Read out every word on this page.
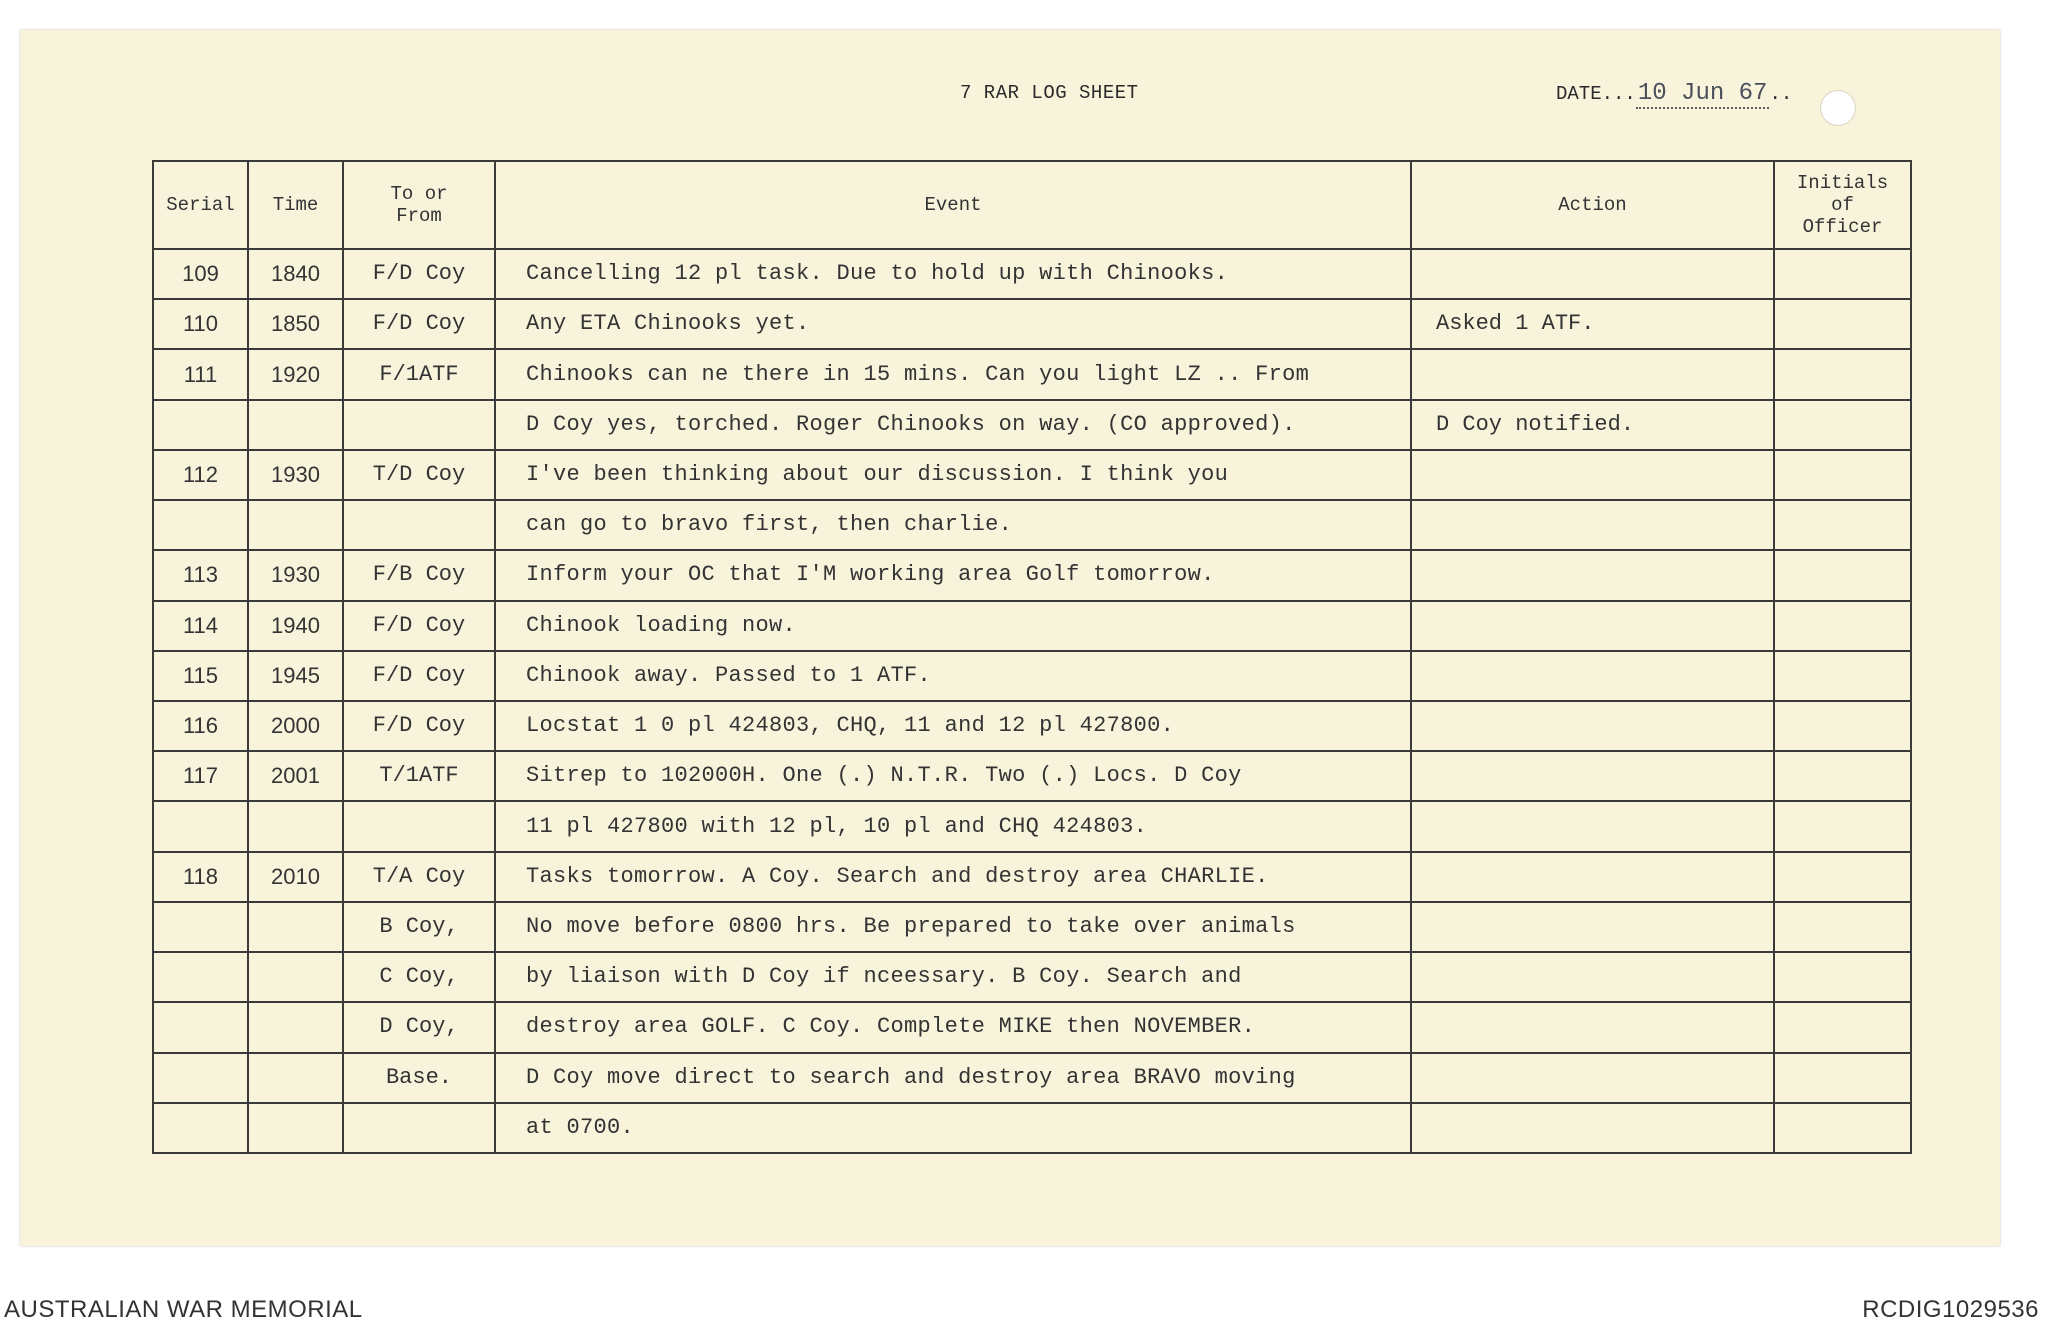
7 RAR LOG SHEET	DATE...10 Jun 67 ..
Serial	Time	To or From	Event	Action	Initials of Officer
109	1840	F/D Coy	Cancelling 12 pl task. Due to hold up with Chinooks.		
110	1850	F/D Coy	Any ETA Chinooks yet.	Asked 1 ATF.	
111	1920	F/1ATF	Chinooks can ne there in 15 mins. Can you light LZ .. From		
			D Coy yes, torched. Roger Chinooks on way. (CO approved).	D Coy notified.	
112	1930	T/D Coy	I've been thinking about our discussion. I think you		
			can go to bravo first, then charlie.		
113	1930	F/B Coy	Inform your OC that I'M working area Golf tomorrow.		
114	1940	F/D Coy	Chinook loading now.		
115	1945	F/D Coy	Chinook away. Passed to 1 ATF.		
116	2000	F/D Coy	Locstat 1 0 pl 424803, CHQ, 11 and 12 pl 427800.		
117	2001	T/1ATF	Sitrep to 102000H. One (.) N.T.R. Two (.) Locs. D Coy		
			11 pl 427800 with 12 pl, 10 pl and CHQ 424803.		
118	2010	T/A Coy	Tasks tomorrow. A Coy. Search and destroy area CHARLIE.		
		B Coy,	No move before 0800 hrs. Be prepared to take over animals		
		C Coy,	by liaison with D Coy if nceessary. B Coy. Search and		
		D Coy,	destroy area GOLF. C Coy. Complete MIKE then NOVEMBER.		
		Base.	D Coy move direct to search and destroy area BRAVO moving		
			at 0700.		
AUSTRALIAN WAR MEMORIAL	RCDIG1029536
